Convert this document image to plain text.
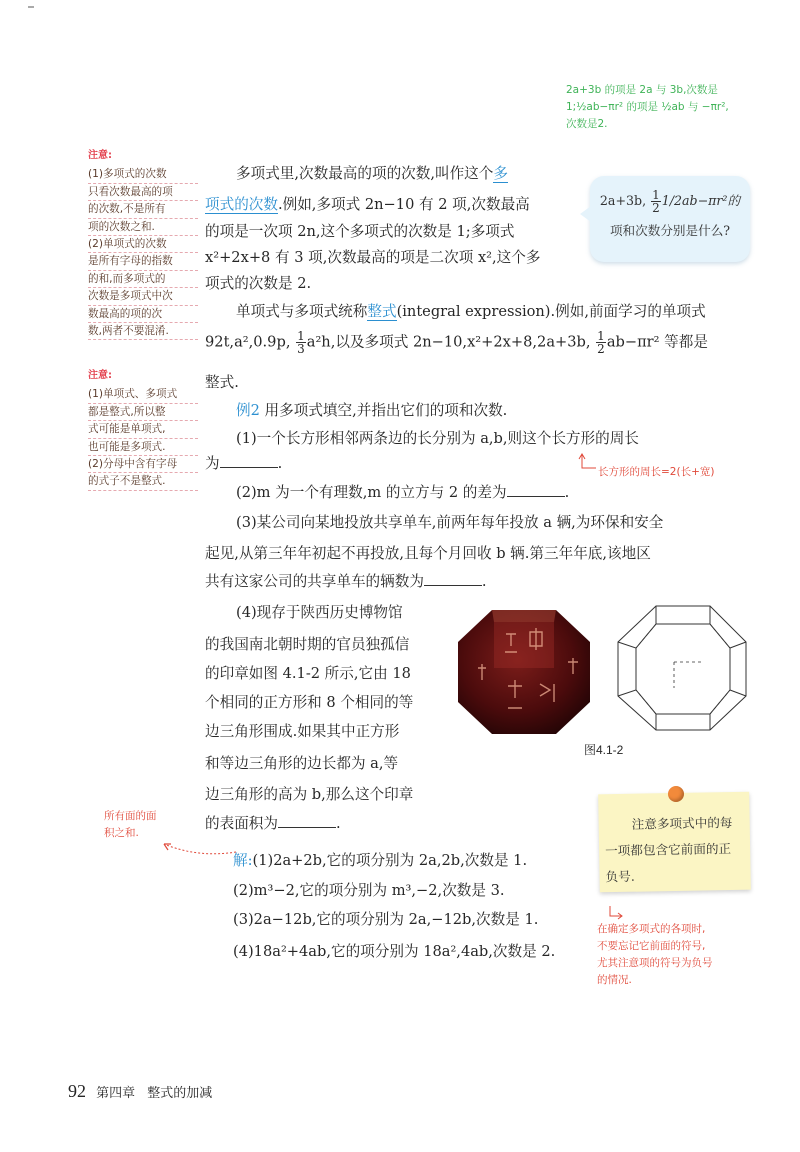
2a+3b 的项是 2a 与 3b,次数是
1;½ab−πr² 的项是 ½ab 与 −πr²,
次数是2.
注意:
(1)多项式的次数
只看次数最高的项
的次数,不是所有
项的次数之和.
(2)单项式的次数
是所有字母的指数
的和,而多项式的
次数是多项式中次
数最高的项的次
数,两者不要混淆.
注意:
(1)单项式、多项式
都是整式,所以整
式可能是单项式,
也可能是多项式.
(2)分母中含有字母
的式子不是整式.
所有面的面
积之和.
2a+3b, $\frac{1}{2} 1/2ab-\pi r^2$的
项和次数分别是什么?
多项式里,次数最高的项的次数,叫作这个多
项式的次数.例如,多项式 2n−10 有 2 项,次数最高
的项是一次项 2n,这个多项式的次数是 1;多项式
x²+2x+8 有 3 项,次数最高的项是二次项 x²,这个多
项式的次数是 2.
单项式与多项式统称整式(integral expression).例如,前面学习的单项式
92t,a²,0.9p, $\frac{1}{3} a^2h$,以及多项式 2n−10,x²+2x+8,2a+3b, $\frac{1}{2} ab-\pi r^2$ 等都是
整式.
例2 用多项式填空,并指出它们的项和次数.
(1)一个长方形相邻两条边的长分别为 a,b,则这个长方形的周长
为	.	长方形的周长=2(长+宽)
(2)m 为一个有理数,m 的立方与 2 的差为	.
(3)某公司向某地投放共享单车,前两年每年投放 a 辆,为环保和安全
起见,从第三年年初起不再投放,且每个月回收 b 辆.第三年年底,该地区
共有这家公司的共享单车的辆数为	.
(4)现存于陕西历史博物馆
的我国南北朝时期的官员独孤信
的印章如图 4.1-2 所示,它由 18
个相同的正方形和 8 个相同的等
边三角形围成.如果其中正方形
和等边三角形的边长都为 a,等
边三角形的高为 b,那么这个印章
的表面积为	.
图4.1-2
注意多项式中的每
一项都包含它前面的正
负号.
解:(1)2a+2b,它的项分别为 2a,2b,次数是 1.
(2)m³−2,它的项分别为 m³,−2,次数是 3.
(3)2a−12b,它的项分别为 2a,−12b,次数是 1.
(4)18a²+4ab,它的项分别为 18a²,4ab,次数是 2.
在确定多项式的各项时,
不要忘记它前面的符号,
尤其注意项的符号为负号
的情况.
92 第四章 整式的加减
